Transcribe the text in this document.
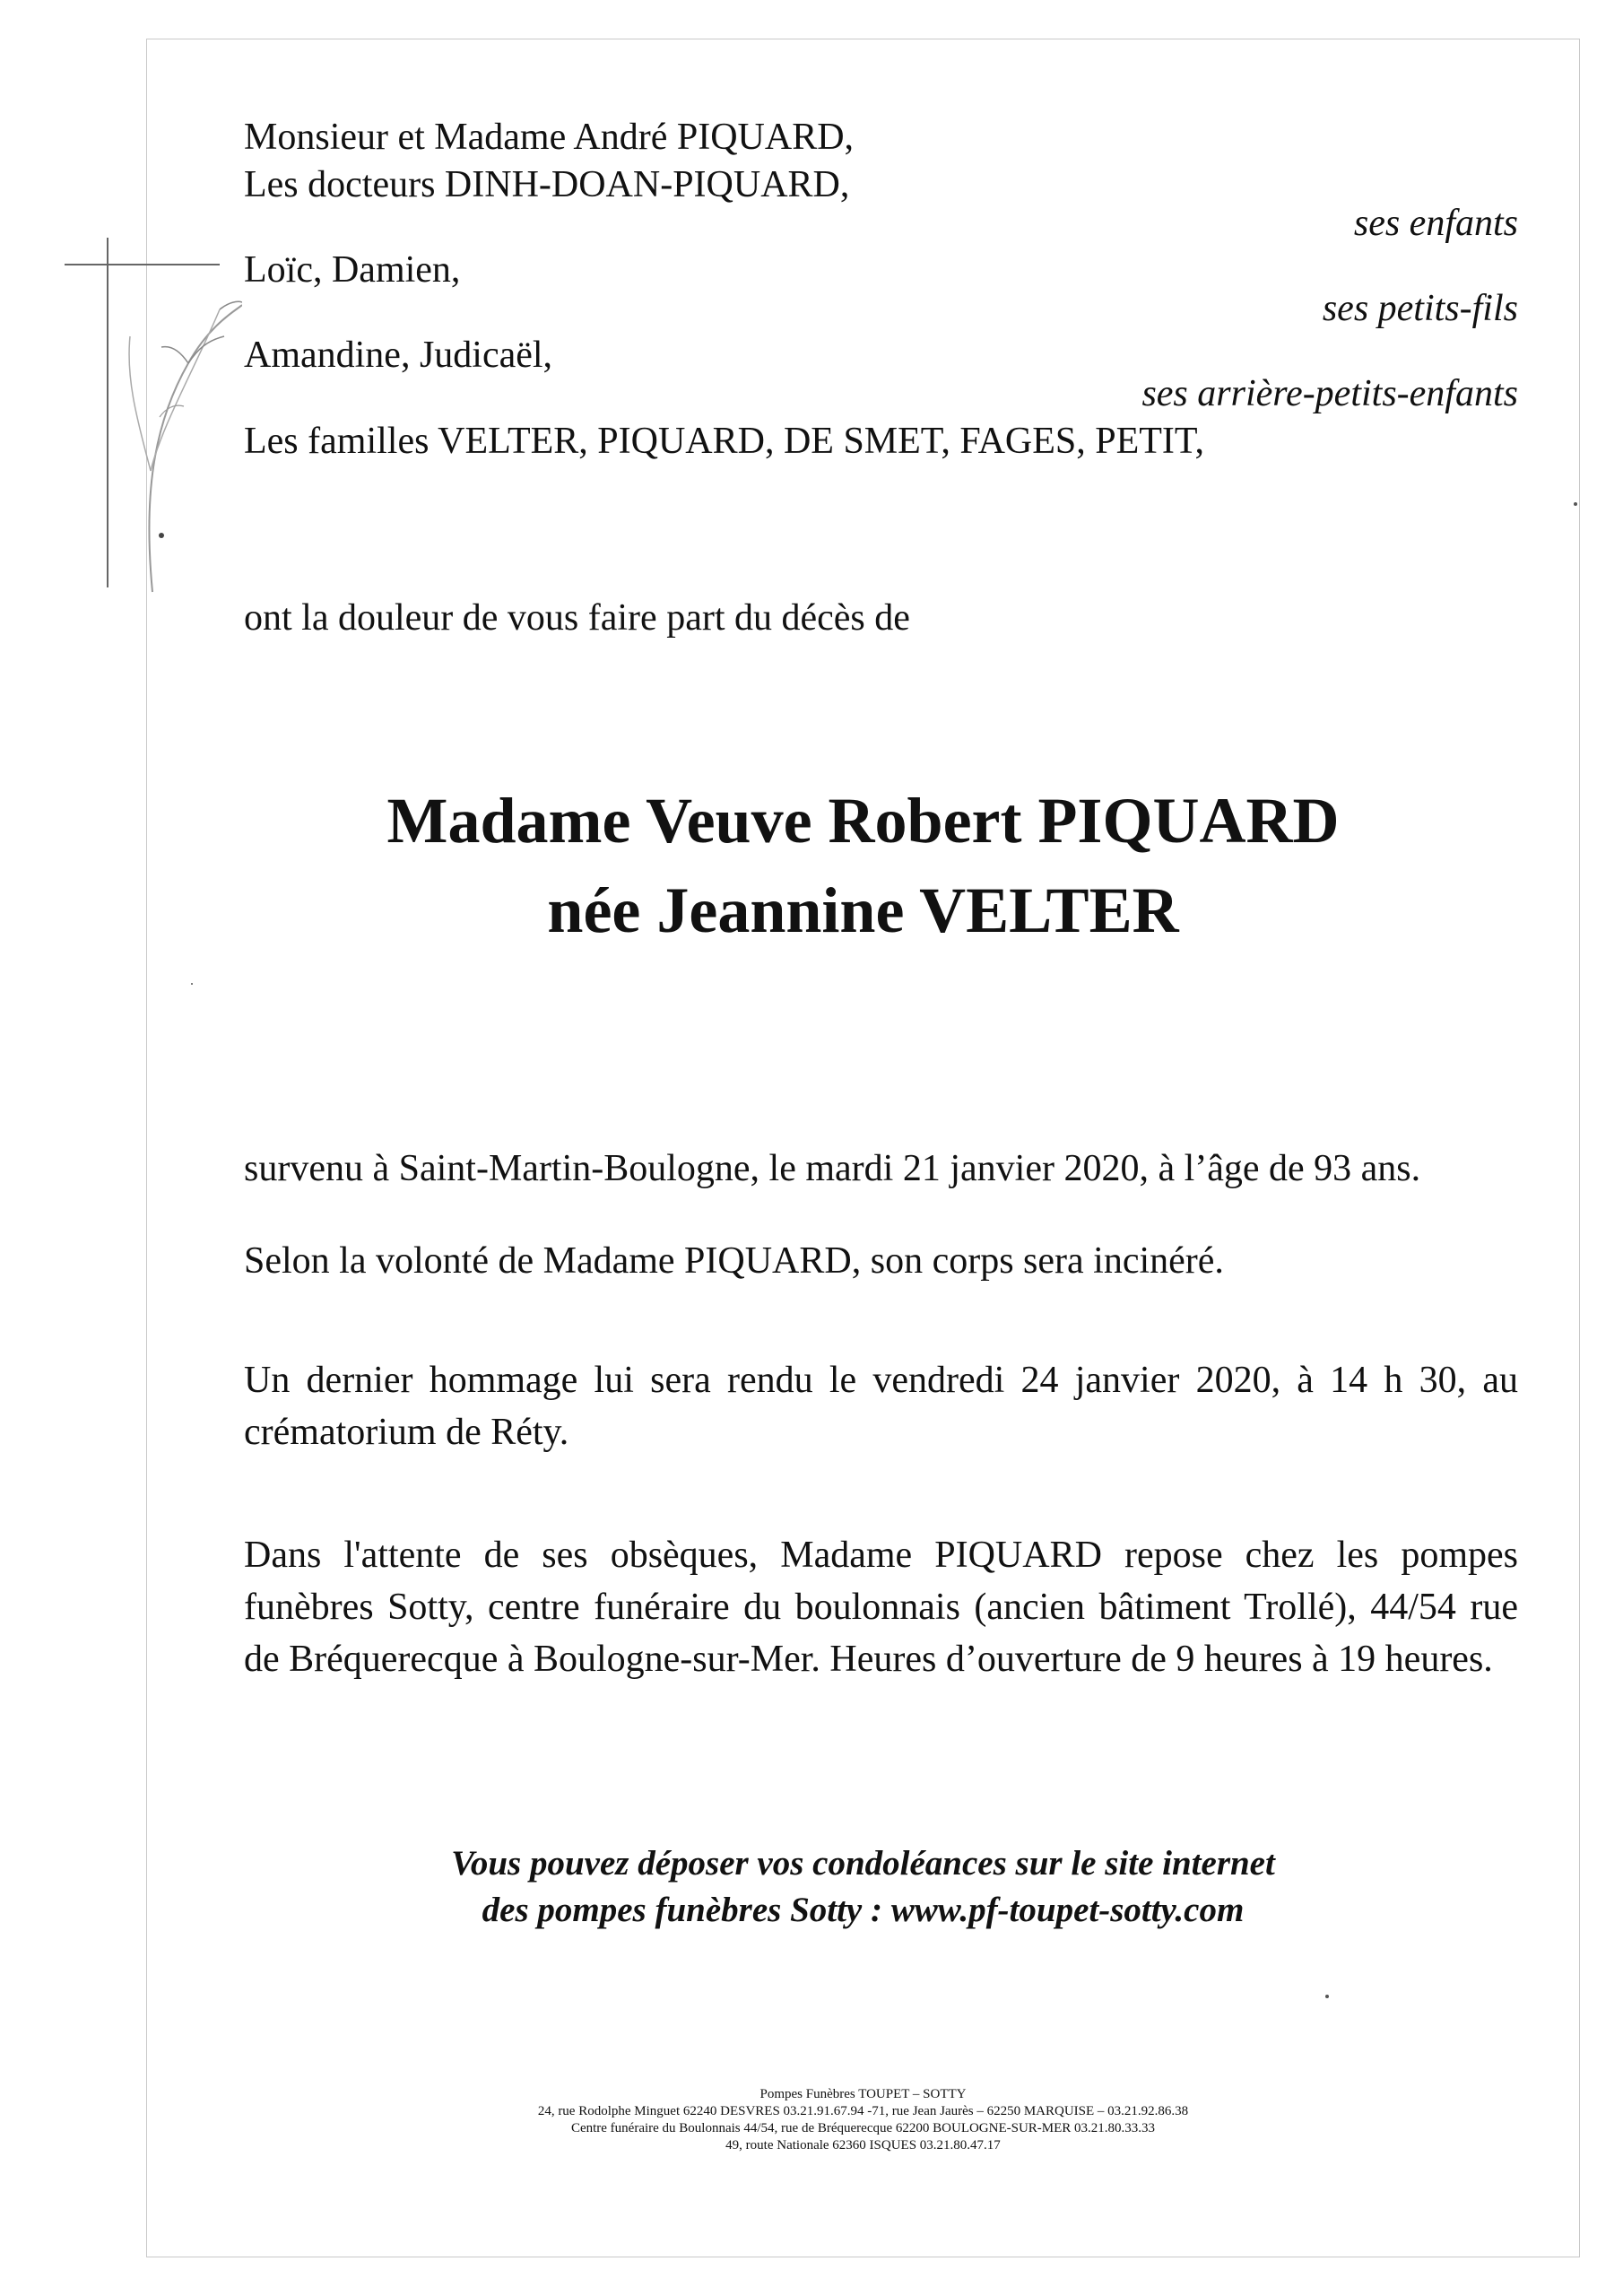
Monsieur et Madame André PIQUARD,
Les docteurs DINH-DOAN-PIQUARD,
ses enfants
Loïc, Damien,
ses petits-fils
Amandine, Judicaël,
ses arrière-petits-enfants
Les familles VELTER, PIQUARD, DE SMET, FAGES, PETIT,
ont la douleur de vous faire part du décès de
Madame Veuve Robert PIQUARD
née Jeannine VELTER
survenu à Saint-Martin-Boulogne, le mardi 21 janvier 2020, à l’âge de 93 ans.
Selon la volonté de Madame PIQUARD, son corps sera incinéré.
Un dernier hommage lui sera rendu le vendredi 24 janvier 2020, à 14 h 30, au crématorium de Réty.
Dans l'attente de ses obsèques, Madame PIQUARD repose chez les pompes funèbres Sotty, centre funéraire du boulonnais (ancien bâtiment Trollé), 44/54 rue de Bréquerecque à Boulogne-sur-Mer. Heures d’ouverture de 9 heures à 19 heures.
Vous pouvez déposer vos condoléances sur le site internet
des pompes funèbres Sotty : www.pf-toupet-sotty.com
Pompes Funèbres TOUPET – SOTTY
24, rue Rodolphe Minguet 62240 DESVRES 03.21.91.67.94 -71, rue Jean Jaurès – 62250 MARQUISE – 03.21.92.86.38
Centre funéraire du Boulonnais 44/54, rue de Bréquerecque 62200 BOULOGNE-SUR-MER 03.21.80.33.33
49, route Nationale 62360 ISQUES 03.21.80.47.17
